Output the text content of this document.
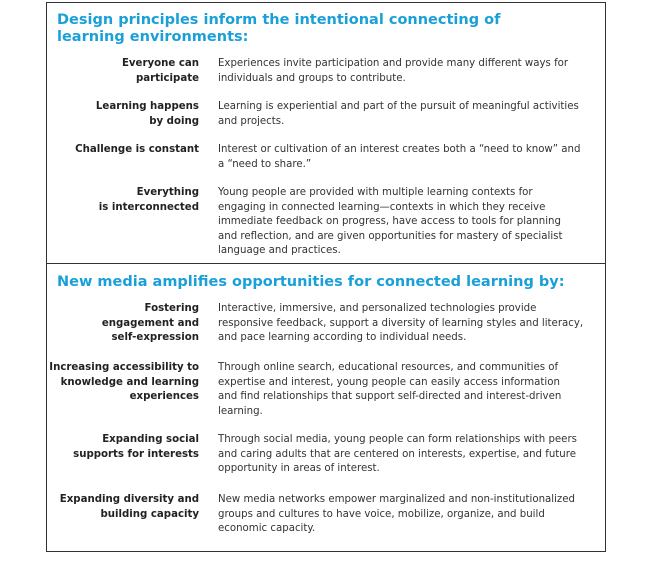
Design principles inform the intentional connecting of
learning environments:
Everyone can
participate
Experiences invite participation and provide many different ways for
individuals and groups to contribute.
Learning happens
by doing
Learning is experiential and part of the pursuit of meaningful activities
and projects.
Challenge is constant Interest or cultivation of an interest creates both a “need to know” and
a “need to share.”
Everything
is interconnected
Young people are provided with multiple learning contexts for
engaging in connected learning—contexts in which they receive
immediate feedback on progress, have access to tools for planning
and reflection, and are given opportunities for mastery of specialist
language and practices.
New media amplifies opportunities for connected learning by:
Fostering
engagement and
self-expression
Interactive, immersive, and personalized technologies provide
responsive feedback, support a diversity of learning styles and literacy,
and pace learning according to individual needs.
Increasing accessibility to
knowledge and learning
experiences
Through online search, educational resources, and communities of
expertise and interest, young people can easily access information
and find relationships that support self-directed and interest-driven
learning.
Expanding social
supports for interests
Through social media, young people can form relationships with peers
and caring adults that are centered on interests, expertise, and future
opportunity in areas of interest.
Expanding diversity and
building capacity
New media networks empower marginalized and non-institutionalized
groups and cultures to have voice, mobilize, organize, and build
economic capacity.
